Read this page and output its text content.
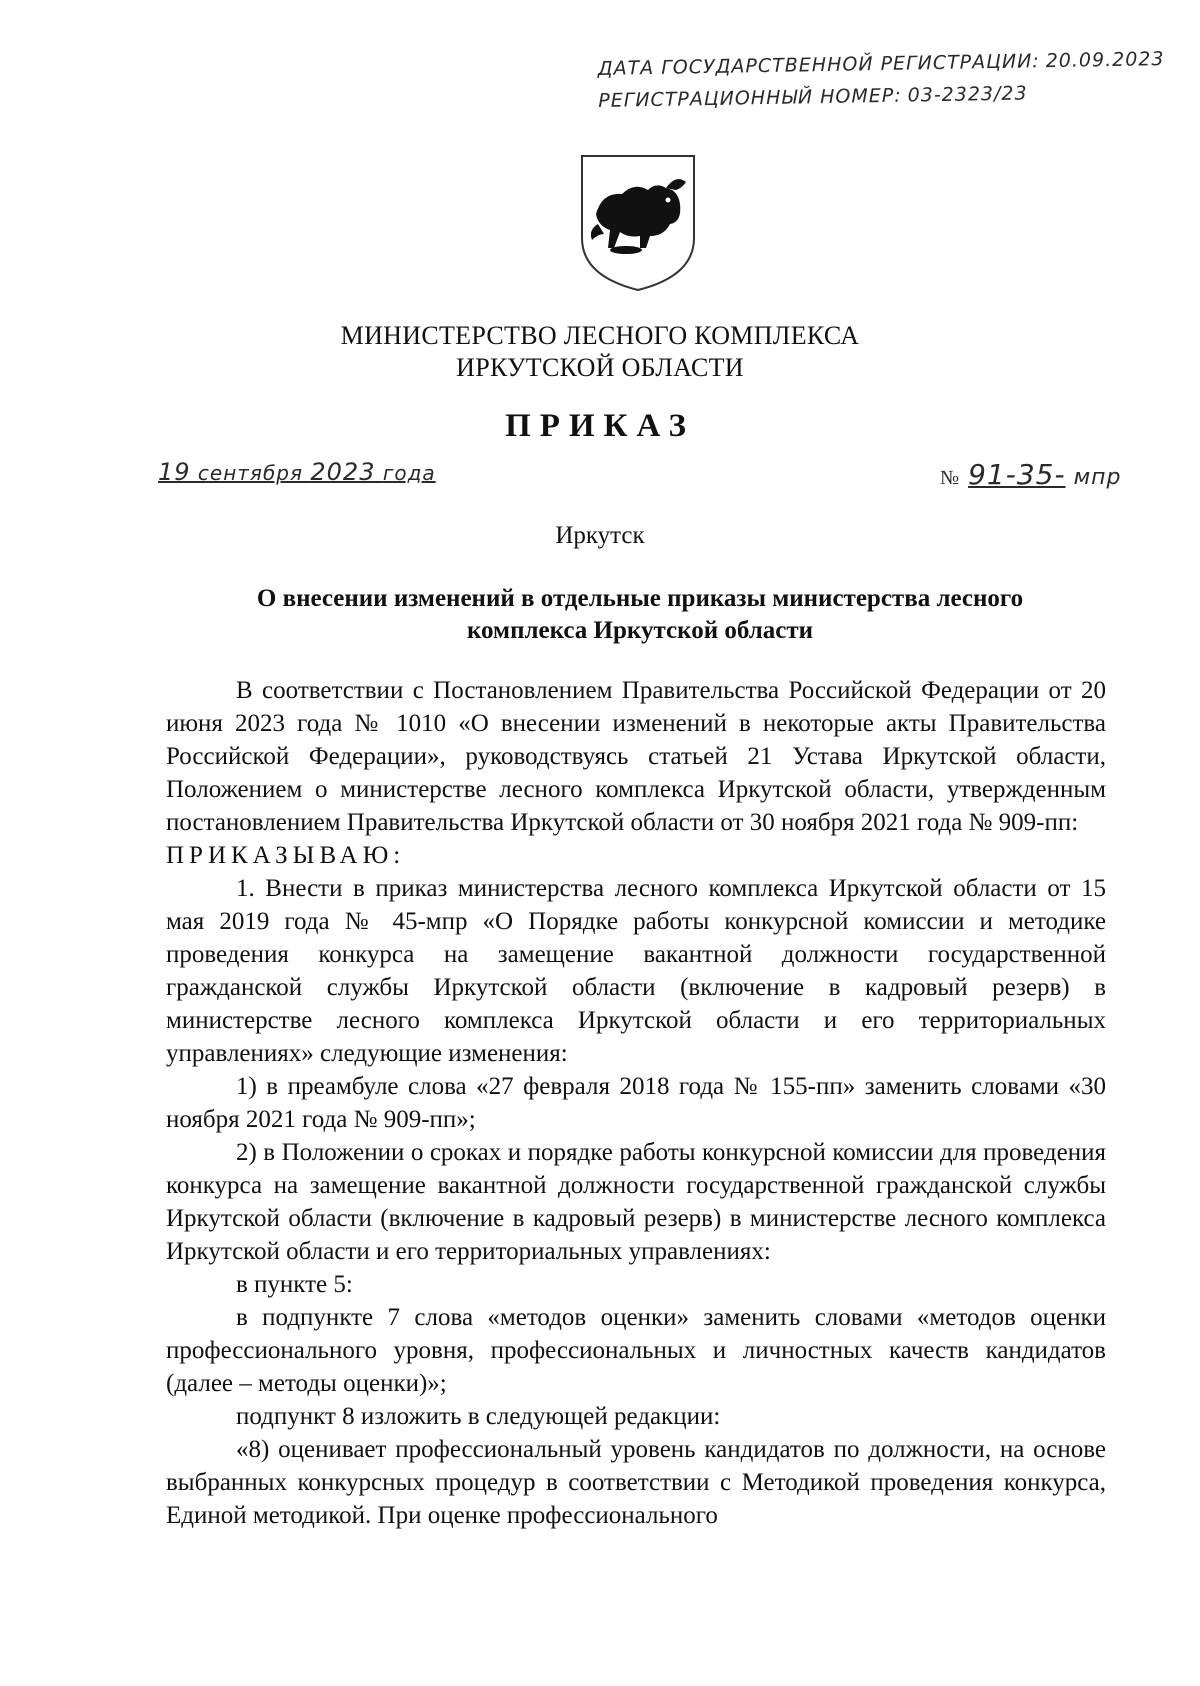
ДАТА ГОСУДАРСТВЕННОЙ РЕГИСТРАЦИИ: 20.09.2023
РЕГИСТРАЦИОННЫЙ НОМЕР: 03-2323/23
МИНИСТЕРСТВО ЛЕСНОГО КОМПЛЕКСА
ИРКУТСКОЙ ОБЛАСТИ
ПРИКАЗ
19 сентября 2023 года	№ 91-35- мпр
Иркутск
О внесении изменений в отдельные приказы министерства лесного
комплекса Иркутской области

В соответствии с Постановлением Правительства Российской Федерации от 20 июня 2023 года № 1010 «О внесении изменений в некоторые акты Правительства Российской Федерации», руководствуясь статьей 21 Устава Иркутской области, Положением о министерстве лесного комплекса Иркутской области, утвержденным постановлением Правительства Иркутской области от 30 ноября 2021 года № 909-пп:

ПРИКАЗЫВАЮ:

1. Внести в приказ министерства лесного комплекса Иркутской области от 15 мая 2019 года № 45-мпр «О Порядке работы конкурсной комиссии и методике проведения конкурса на замещение вакантной должности государственной гражданской службы Иркутской области (включение в кадровый резерв) в министерстве лесного комплекса Иркутской области и его территориальных управлениях» следующие изменения:

1) в преамбуле слова «27 февраля 2018 года № 155-пп» заменить словами «30 ноября 2021 года № 909-пп»;

2) в Положении о сроках и порядке работы конкурсной комиссии для проведения конкурса на замещение вакантной должности государственной гражданской службы Иркутской области (включение в кадровый резерв) в министерстве лесного комплекса Иркутской области и его территориальных управлениях:

в пункте 5:

в подпункте 7 слова «методов оценки» заменить словами «методов оценки профессионального уровня, профессиональных и личностных качеств кандидатов (далее – методы оценки)»;

подпункт 8 изложить в следующей редакции:

«8) оценивает профессиональный уровень кандидатов по должности, на основе выбранных конкурсных процедур в соответствии с Методикой проведения конкурса, Единой методикой. При оценке профессионального
